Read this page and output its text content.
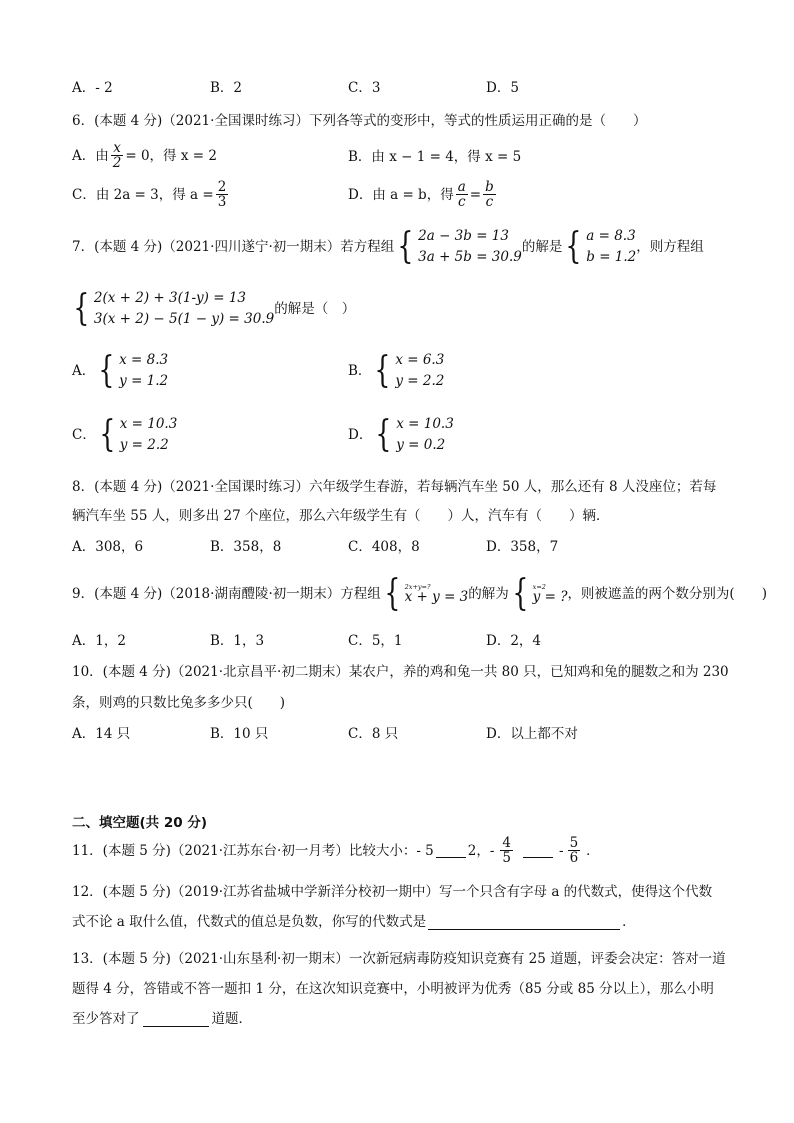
A．- 2	B．2	C．3	D．5
6．(本题 4 分)（2021·全国课时练习）下列各等式的变形中，等式的性质运用正确的是（　　）
A．由 $\frac{x}{2} = 0$，得 x = 2	B．由 x − 1 = 4，得 x = 5
C．由 2a = 3，得 $a = \frac{2}{3}$	D．由 a = b，得 $\frac{a}{c} = \frac{b}{c}$
7．(本题 4 分)（2021·四川遂宁·初一期末）若方程组 { 2a − 3b = 13
3a + 5b = 30.9
的解是 { a = 8.3
b = 1.2
，则方程组
{ 2(x + 2) + 3(1-y) = 13
3(x + 2) − 5(1 − y) = 30.9
的解是（　）
A． { x = 8.3
y = 1.2
B． { x = 6.3
y = 2.2
C． { x = 10.3
y = 2.2
D． { x = 10.3
y = 0.2
8．(本题 4 分)（2021·全国课时练习）六年级学生春游，若每辆汽车坐 50 人，那么还有 8 人没座位；若每
辆汽车坐 55 人，则多出 27 个座位，那么六年级学生有（　　）人，汽车有（　　）辆．
A．308，6	B．358，8	C．408，8	D．358，7
9．(本题 4 分)（2018·湖南醴陵·初一期末）方程组 { 2x+y=?
x + y = 3 的解为 { x=2
y = ? ，则被遮盖的两个数分别为(　　)
A．1，2	B．1，3	C．5，1	D．2，4
10．(本题 4 分)（2021·北京昌平·初二期末）某农户，养的鸡和兔一共 80 只，已知鸡和兔的腿数之和为 230
条，则鸡的只数比兔多多少只(　　)
A．14 只	B．10 只	C．8 只	D．以上都不对
二、填空题(共 20 分)
11．(本题 5 分)（2021·江苏东台·初一月考）比较大小：- 5	2，- $\frac{4}{5}$	- $\frac{5}{6}$ ．
12．(本题 5 分)（2019·江苏省盐城中学新洋分校初一期中）写一个只含有字母 a 的代数式，使得这个代数
式不论 a 取什么值，代数式的值总是负数，你写的代数式是	．
13．(本题 5 分)（2021·山东垦利·初一期末）一次新冠病毒防疫知识竞赛有 25 道题，评委会决定：答对一道
题得 4 分，答错或不答一题扣 1 分，在这次知识竞赛中，小明被评为优秀（85 分或 85 分以上），那么小明
至少答对了	道题．
